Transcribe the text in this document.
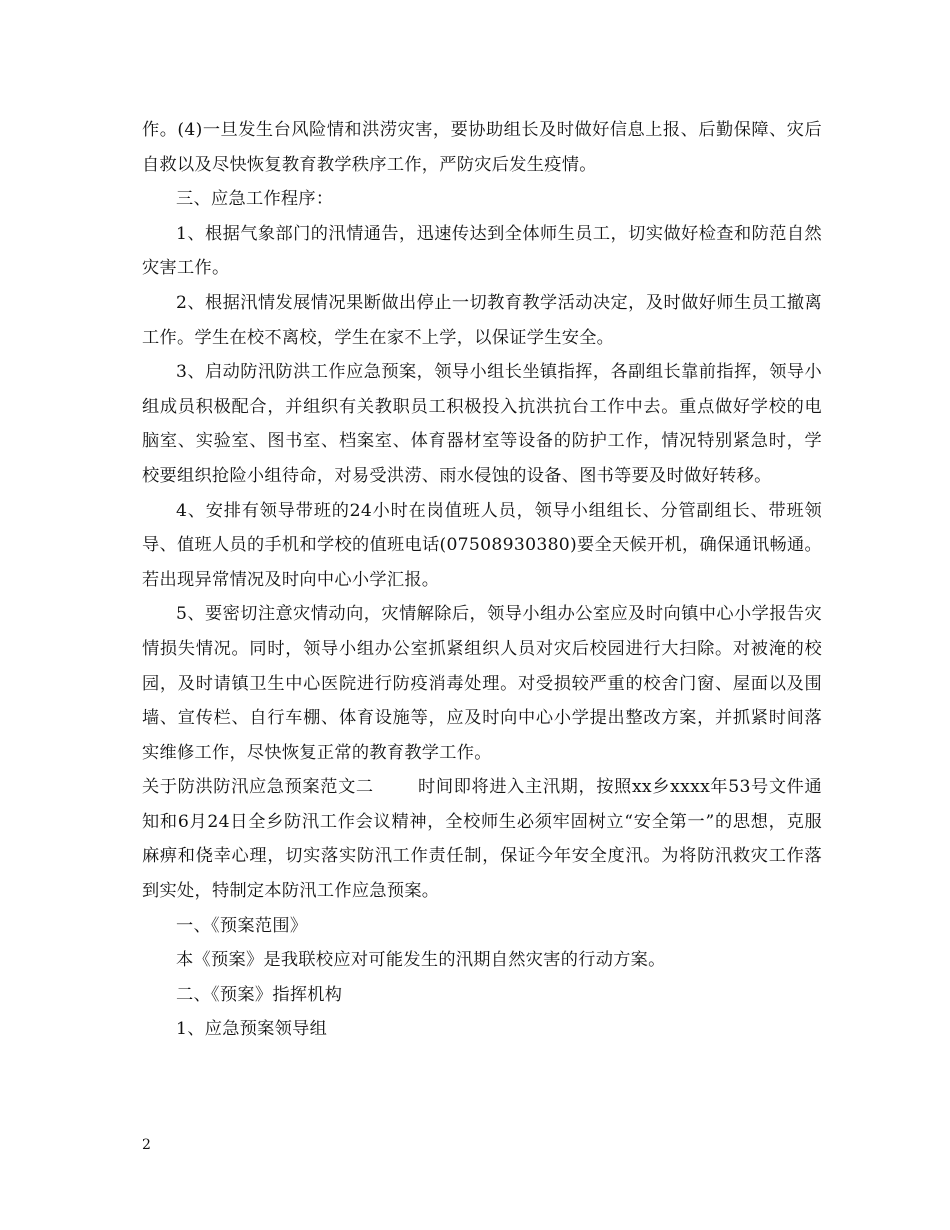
作。(4)一旦发生台风险情和洪涝灾害，要协助组长及时做好信息上报、后勤保障、灾后自救以及尽快恢复教育教学秩序工作，严防灾后发生疫情。

三、应急工作程序：

1、根据气象部门的汛情通告，迅速传达到全体师生员工，切实做好检查和防范自然灾害工作。

2、根据汛情发展情况果断做出停止一切教育教学活动决定，及时做好师生员工撤离工作。学生在校不离校，学生在家不上学，以保证学生安全。

3、启动防汛防洪工作应急预案，领导小组长坐镇指挥，各副组长靠前指挥，领导小组成员积极配合，并组织有关教职员工积极投入抗洪抗台工作中去。重点做好学校的电脑室、实验室、图书室、档案室、体育器材室等设备的防护工作，情况特别紧急时，学校要组织抢险小组待命，对易受洪涝、雨水侵蚀的设备、图书等要及时做好转移。

4、安排有领导带班的24小时在岗值班人员，领导小组组长、分管副组长、带班领导、值班人员的手机和学校的值班电话(07508930380)要全天候开机，确保通讯畅通。若出现异常情况及时向中心小学汇报。

5、要密切注意灾情动向，灾情解除后，领导小组办公室应及时向镇中心小学报告灾情损失情况。同时，领导小组办公室抓紧组织人员对灾后校园进行大扫除。对被淹的校园，及时请镇卫生中心医院进行防疫消毒处理。对受损较严重的校舍门窗、屋面以及围墙、宣传栏、自行车棚、体育设施等，应及时向中心小学提出整改方案，并抓紧时间落实维修工作，尽快恢复正常的教育教学工作。

关于防洪防汛应急预案范文二	时间即将进入主汛期，按照xx乡xxxx年53号文件通知和6月24日全乡防汛工作会议精神，全校师生必须牢固树立“安全第一”的思想，克服麻痹和侥幸心理，切实落实防汛工作责任制，保证今年安全度汛。为将防汛救灾工作落到实处，特制定本防汛工作应急预案。

一、《预案范围》

本《预案》是我联校应对可能发生的汛期自然灾害的行动方案。

二、《预案》指挥机构

1、应急预案领导组

2
